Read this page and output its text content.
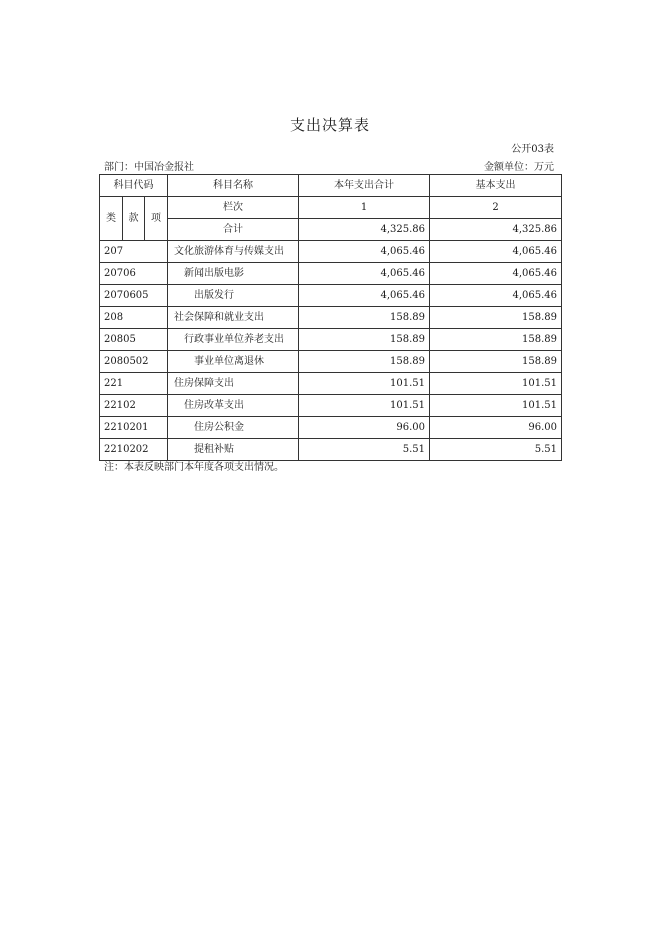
支出决算表
公开03表
部门：中国冶金报社	金额单位：万元
科目代码			科目名称	本年支出合计	基本支出
类	款	项	栏次	1	2
			合计	4,325.86	4,325.86
207			文化旅游体育与传媒支出	4,065.46	4,065.46
20706			新闻出版电影	4,065.46	4,065.46
2070605			出版发行	4,065.46	4,065.46
208			社会保障和就业支出	158.89	158.89
20805			行政事业单位养老支出	158.89	158.89
2080502			事业单位离退休	158.89	158.89
221			住房保障支出	101.51	101.51
22102			住房改革支出	101.51	101.51
2210201			住房公积金	96.00	96.00
2210202			提租补贴	5.51	5.51
注：本表反映部门本年度各项支出情况。
